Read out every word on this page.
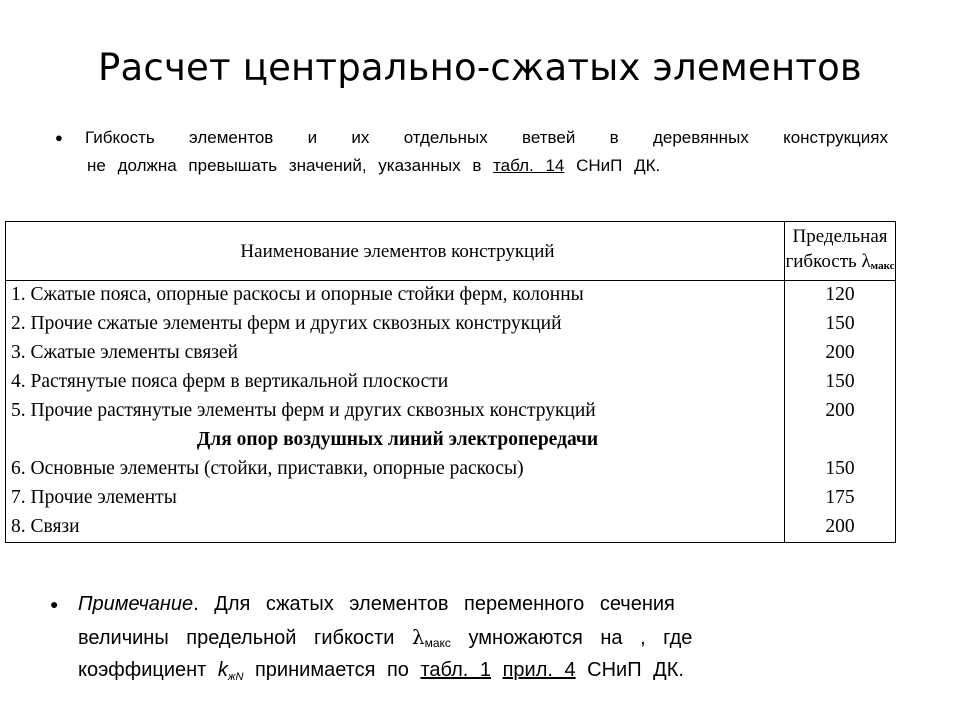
Расчет центрально-сжатых элементов
● Гибкость элементов и их отдельных ветвей в деревянных конструкциях
не должна превышать значений, указанных в табл. 14 СНиП ДК.
Наименование элементов конструкций	Предельная
гибкость $\lambda_{макс}$
1. Сжатые пояса, опорные раскосы и опорные стойки ферм, колонны	120
2. Прочие сжатые элементы ферм и других сквозных конструкций	150
3. Сжатые элементы связей	200
4. Растянутые пояса ферм в вертикальной плоскости	150
5. Прочие растянутые элементы ферм и других сквозных конструкций	200
Для опор воздушных линий электропередачи	
6. Основные элементы (стойки, приставки, опорные раскосы)	150
7. Прочие элементы	175
8. Связи	200
● Примечание. Для сжатых элементов переменного сечения
величины предельной гибкости λмакс умножаются на , где
коэффициент $k_{жN}$ принимается по табл. 1 прил. 4 СНиП ДК.
